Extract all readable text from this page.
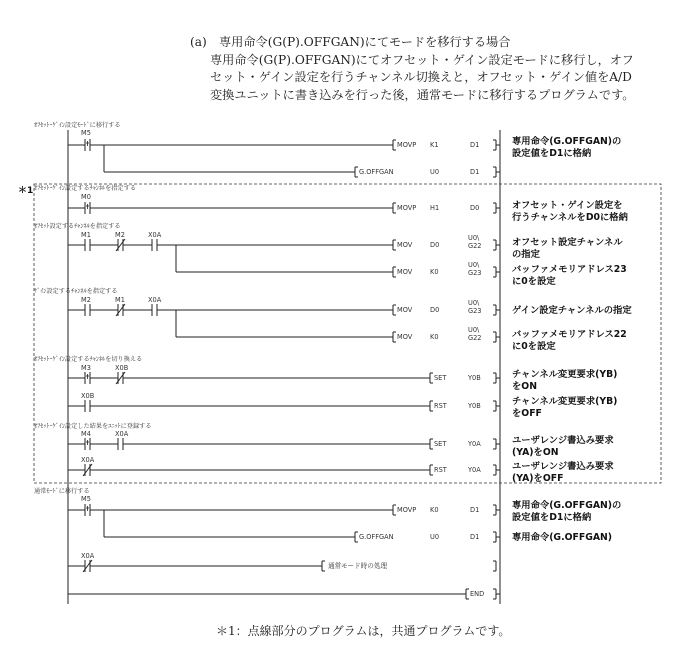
(a)　専用命令(G(P).OFFGAN)にてモードを移行する場合
専用命令(G(P).OFFGAN)にてオフセット・ゲイン設定モードに移行し，オフ
セット・ゲイン設定を行うチャンネル切換えと，オフセット・ゲイン値をA/D
変換ユニットに書き込みを行った後，通常モードに移行するプログラムです。
＊1
ｵﾌｾｯﾄ･ｹﾞｲﾝ設定ﾓｰﾄﾞに移行する
M5
MOVP K1	D1	専用命令(G.OFFGAN)の
設定値をD1に格納
G.OFFGAN	U0	D1
ｵﾌｾｯﾄ･ｹﾞｲﾝ設定するﾁｬﾝﾈﾙを指定する
M0
MOVP H1	D0	オフセット・ゲイン設定を
行うチャンネルをD0に格納
ｵﾌｾｯﾄ設定するﾁｬﾝﾈﾙを指定する
M1	M2	X0A
MOV	D0
U0\
G22	オフセット設定チャンネル
の指定
MOV	K0
U0\
G23	バッファメモリアドレス23
に0を設定
ｹﾞｲﾝ設定するﾁｬﾝﾈﾙを指定する
M2	M1	X0A
MOV	D0
U0\
G23	ゲイン設定チャンネルの指定
MOV	K0
U0\
G22	バッファメモリアドレス22
に0を設定
ｵﾌｾｯﾄ･ｹﾞｲﾝ設定するﾁｬﾝﾈﾙを切り換える
M3	X0B
SET	Y0B	チャンネル変更要求(YB)
をON
X0B
RST	Y0B	チャンネル変更要求(YB)
をOFF
ｵﾌｾｯﾄ･ｹﾞｲﾝ設定した結果をﾕﾆｯﾄに登録する
M4	X0A
SET	Y0A	ユーザレンジ書込み要求
(YA)をON
X0A
RST	Y0A	ユーザレンジ書込み要求
(YA)をOFF
通常ﾓｰﾄﾞに移行する
M5
MOVP K0	D1	専用命令(G.OFFGAN)の
設定値をD1に格納
G.OFFGAN	U0	D1	専用命令(G.OFFGAN)
X0A
通常モード時の処理
END
＊1：点線部分のプログラムは，共通プログラムです。
